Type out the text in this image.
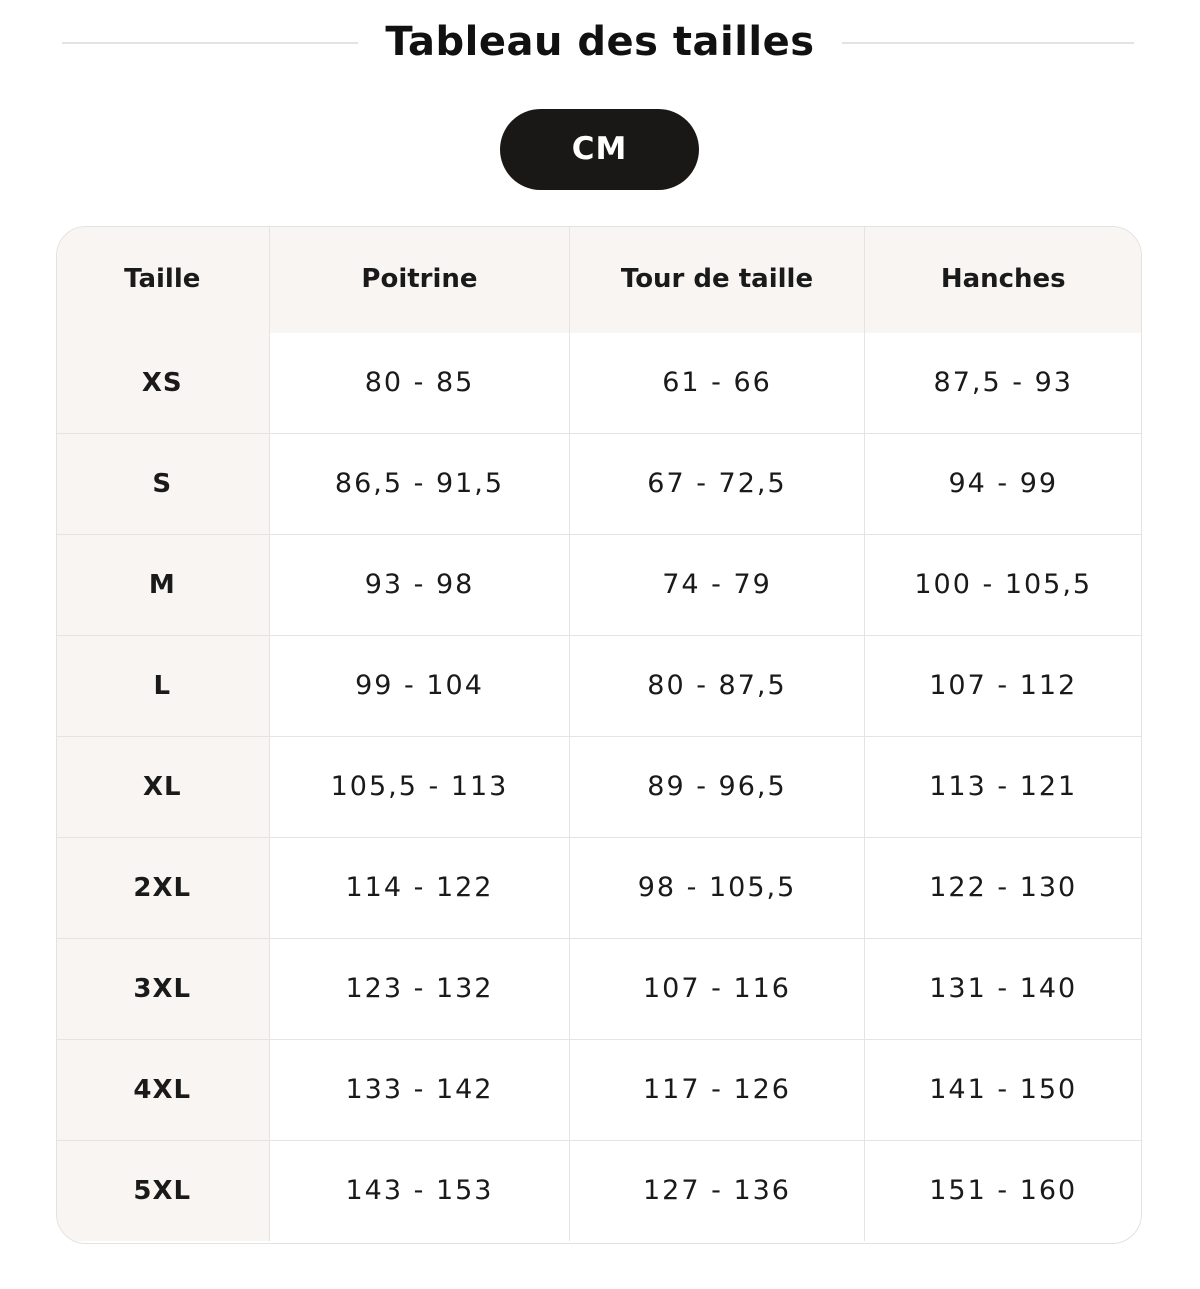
Tableau des tailles
CM
Taille	Poitrine	Tour de taille	Hanches
XS	80 - 85	61 - 66	87,5 - 93
S	86,5 - 91,5	67 - 72,5	94 - 99
M	93 - 98	74 - 79	100 - 105,5
L	99 - 104	80 - 87,5	107 - 112
XL	105,5 - 113	89 - 96,5	113 - 121
2XL	114 - 122	98 - 105,5	122 - 130
3XL	123 - 132	107 - 116	131 - 140
4XL	133 - 142	117 - 126	141 - 150
5XL	143 - 153	127 - 136	151 - 160
